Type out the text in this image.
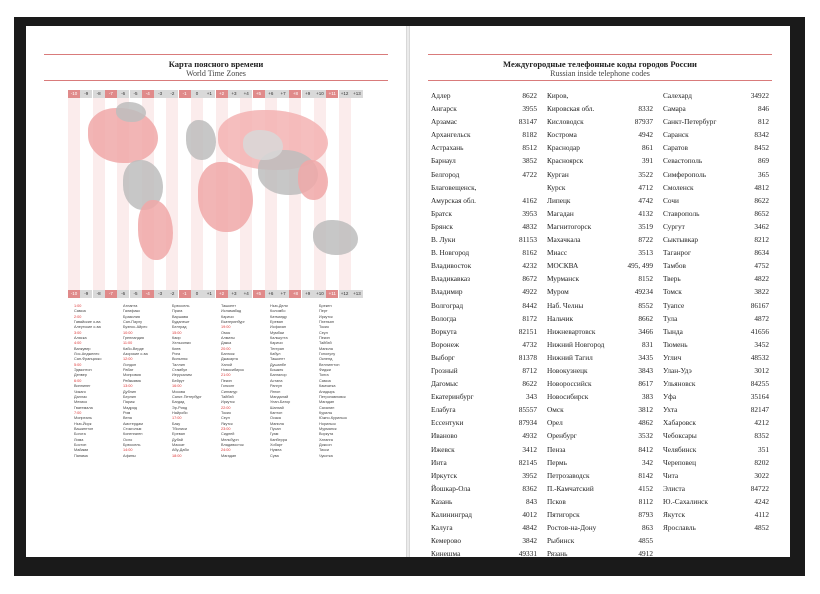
Карта поясного времени
World Time Zones
-10
-10
-9
-9
-8
-8
-7
-7
-6
-6
-5
-5
-4
-4
-3
-3
-2
-2
-1
-1
0
0
+1
+1
+2
+2
+3
+3
+4
+4
+5
+5
+6
+6
+7
+7
+8
+8
+9
+9
+10
+10
+11
+11
+12
+12
+13
+13
1:00
Самоа
2:00
Гавайские о-ва
Алеутские о-ва
3:00
Аляска
4:00
Ванкувер
Лос-Анджелес
Сан-Франциско
5:00
Эдмонтон
Денвер
6:00
Виннипег
Чикаго
Даллас
Мехико
Гватемала
7:00
Монреаль
Нью-Йорк
Вашингтон
Богота
Лима
Бостон
Майами
Панама
Атланта
Галифакс
Бразилия
Сан-Паулу
Буэнос-Айрес
10:00
Гренландия
11:00
Кабо-Верде
Азорские о-ва
12:00
Лондон
Рабат
Монровия
Рейкьявик
13:00
Дублин
Берлин
Париж
Мадрид
Рим
Вена
Амстердам
Стокгольм
Копенгаген
Осло
Брюссель
14:00
Афины
Брюссель
Прага
Варшава
Будапешт
Белград
15:00
Каир
Хельсинки
Киев
Рига
Вильнюс
Таллин
Стамбул
Иерусалим
Бейрут
16:00
Москва
Санкт-Петербург
Багдад
Эр-Рияд
Найроби
17:00
Баку
Тбилиси
Ереван
Дубай
Маскат
Абу-Даби
18:00
Ташкент
Исламабад
Карачи
Екатеринбург
19:00
Омск
Алматы
Дакка
20:00
Бангкок
Джакарта
Ханой
Новосибирск
21:00
Пекин
Гонконг
Сингапур
Тайбэй
Иркутск
22:00
Токио
Сеул
Якутск
23:00
Сидней
Мельбурн
Владивосток
24:00
Магадан
Нью-Дели
Коломбо
Катманду
Ереван
Исфахан
Мумбаи
Калькутта
Карачи
Тегеран
Кабул
Ташкент
Душанбе
Бишкек
Бангалор
Астана
Рангун
Янгон
Мандалай
Улан-Батор
Шанхай
Кантон
Осака
Манила
Пусан
Гуам
Канберра
Хобарт
Нумеа
Сува
Брекен
Перт
Иркутск
Пхеньян
Токио
Сеул
Пекин
Тайбэй
Манила
Гонолулу
Окленд
Веллингтон
Фиджи
Тонга
Самоа
Камчатка
Анадырь
Петропавловск
Магадан
Сахалин
Курилы
Южно-Курильск
Норильск
Мурманск
Воркута
Хатанга
Диксон
Тикси
Чукотка
Междугородные телефонные коды городов России
Russian inside telephone codes
Адлер	8622
Ангарск	3955
Арзамас	83147
Архангельск	8182
Астрахань	8512
Барнаул	3852
Белгород	4722
Благовещенск,
Амурская обл.	4162
Братск	3953
Брянск	4832
В. Луки	81153
В. Новгород	8162
Владивосток	4232
Владикавказ	8672
Владимир	4922
Волгоград	8442
Вологда	8172
Воркута	82151
Воронеж	4732
Выборг	81378
Грозный	8712
Дагомыс	8622
Екатеринбург	343
Елабуга	85557
Ессентуки	87934
Иваново	4932
Ижевск	3412
Инта	82145
Иркутск	3952
Йошкар-Ола	8362
Казань	843
Калининград	4012
Калуга	4842
Кемерово	3842
Кинешма	49331
Киров,
Кировская обл.	8332
Кисловодск	87937
Кострома	4942
Краснодар	861
Красноярск	391
Курган	3522
Курск	4712
Липецк	4742
Магадан	4132
Магнитогорск	3519
Махачкала	8722
Миасс	3513
МОСКВА	495, 499
Мурманск	8152
Муром	49234
Наб. Челны	8552
Нальчик	8662
Нижневартовск	3466
Нижний Новгород	831
Нижний Тагил	3435
Новокузнецк	3843
Новороссийск	8617
Новосибирск	383
Омск	3812
Орел	4862
Оренбург	3532
Пенза	8412
Пермь	342
Петрозаводск	8142
П.-Камчатский	4152
Псков	8112
Пятигорск	8793
Ростов-на-Дону	863
Рыбинск	4855
Рязань	4912
Салехард	34922
Самара	846
Санкт-Петербург	812
Саранск	8342
Саратов	8452
Севастополь	869
Симферополь	365
Смоленск	4812
Сочи	8622
Ставрополь	8652
Сургут	3462
Сыктывкар	8212
Таганрог	8634
Тамбов	4752
Тверь	4822
Томск	3822
Туапсе	86167
Тула	4872
Тында	41656
Тюмень	3452
Углич	48532
Улан-Удэ	3012
Ульяновск	84255
Уфа	35164
Ухта	82147
Хабаровск	4212
Чебоксары	8352
Челябинск	351
Череповец	8202
Чита	3022
Элиста	84722
Ю.-Сахалинск	4242
Якутск	4112
Ярославль	4852
